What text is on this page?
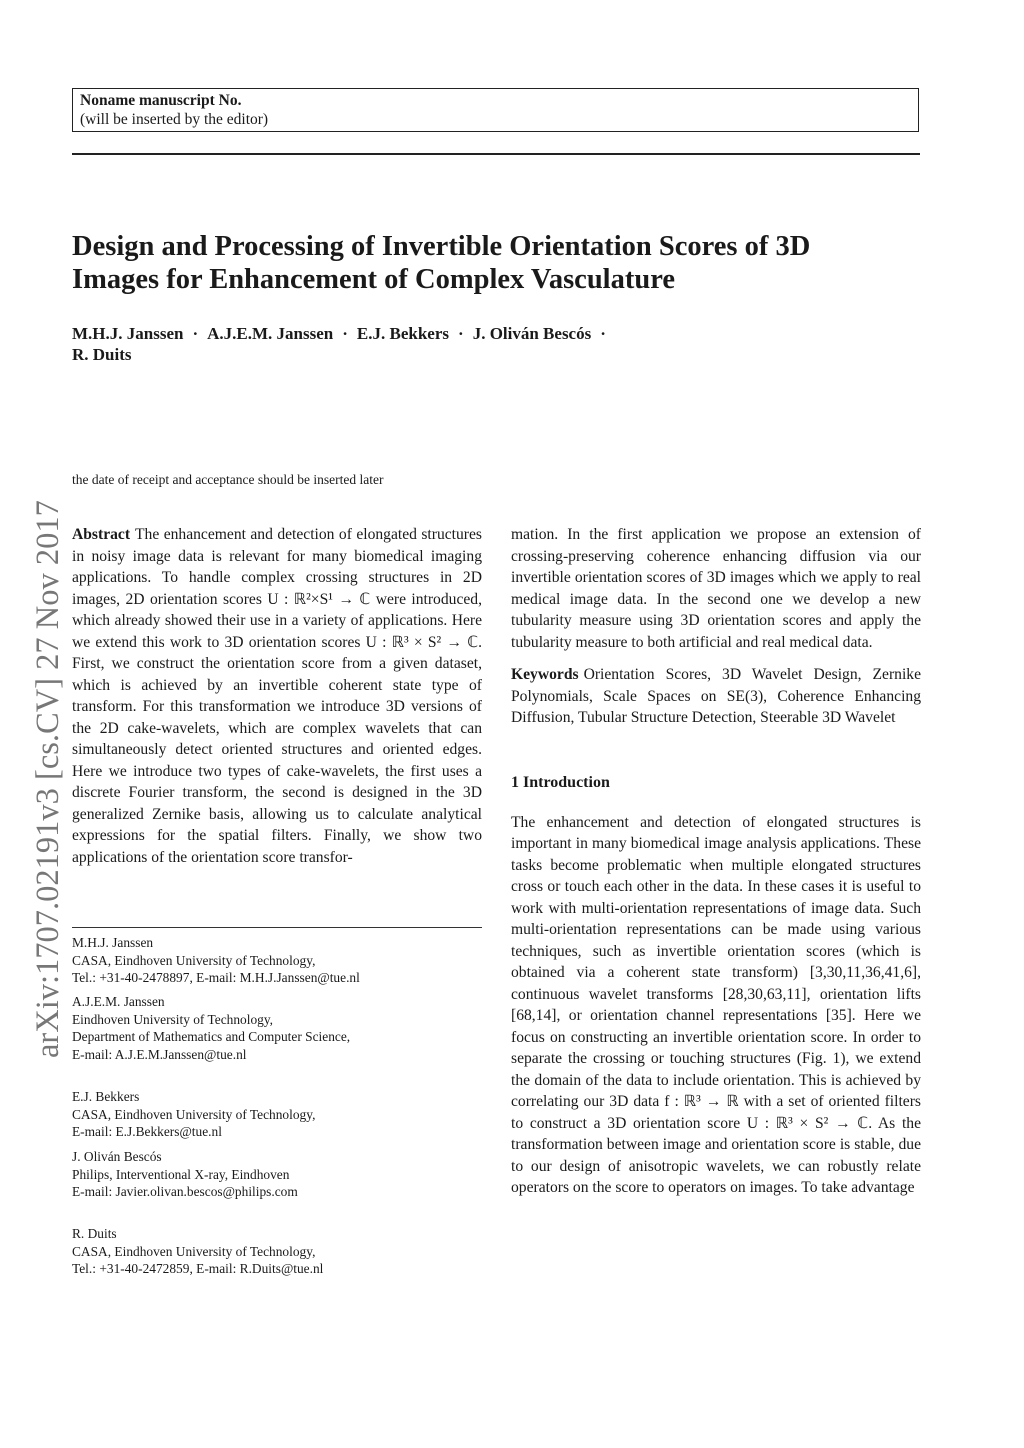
Noname manuscript No.
(will be inserted by the editor)
Design and Processing of Invertible Orientation Scores of 3D
Images for Enhancement of Complex Vasculature
M.H.J. Janssen · A.J.E.M. Janssen · E.J. Bekkers · J. Oliván Bescós ·
R. Duits
arXiv:1707.02191v3 [cs.CV] 27 Nov 2017
the date of receipt and acceptance should be inserted later

Abstract The enhancement and detection of elongated structures in noisy image data is relevant for many biomedical imaging applications. To handle complex crossing structures in 2D images, 2D orientation scores U : ℝ²×S¹ → ℂ were introduced, which already showed their use in a variety of applications. Here we extend this work to 3D orientation scores U : ℝ³ × S² → ℂ. First, we construct the orientation score from a given dataset, which is achieved by an invertible coherent state type of transform. For this transformation we introduce 3D versions of the 2D cake-wavelets, which are complex wavelets that can simultaneously detect oriented structures and oriented edges. Here we introduce two types of cake-wavelets, the first uses a discrete Fourier transform, the second is designed in the 3D generalized Zernike basis, allowing us to calculate analytical expressions for the spatial filters. Finally, we show two applications of the orientation score transfor-

mation. In the first application we propose an extension of crossing-preserving coherence enhancing diffusion via our invertible orientation scores of 3D images which we apply to real medical image data. In the second one we develop a new tubularity measure using 3D orientation scores and apply the tubularity measure to both artificial and real medical data.

Keywords Orientation Scores, 3D Wavelet Design, Zernike Polynomials, Scale Spaces on SE(3), Coherence Enhancing Diffusion, Tubular Structure Detection, Steerable 3D Wavelet

1 Introduction

The enhancement and detection of elongated structures is important in many biomedical image analysis applications. These tasks become problematic when multiple elongated structures cross or touch each other in the data. In these cases it is useful to work with multi-orientation representations of image data. Such multi-orientation representations can be made using various techniques, such as invertible orientation scores (which is obtained via a coherent state transform) [3,30,11,36,41,6], continuous wavelet transforms [28,30,63,11], orientation lifts [68,14], or orientation channel representations [35]. Here we focus on constructing an invertible orientation score. In order to separate the crossing or touching structures (Fig. 1), we extend the domain of the data to include orientation. This is achieved by correlating our 3D data f : ℝ³ → ℝ with a set of oriented filters to construct a 3D orientation score U : ℝ³ × S² → ℂ. As the transformation between image and orientation score is stable, due to our design of anisotropic wavelets, we can robustly relate operators on the score to operators on images. To take advantage

M.H.J. Janssen
CASA, Eindhoven University of Technology,
Tel.: +31-40-2478897, E-mail: M.H.J.Janssen@tue.nl
A.J.E.M. Janssen
Eindhoven University of Technology,
Department of Mathematics and Computer Science,
E-mail: A.J.E.M.Janssen@tue.nl
E.J. Bekkers
CASA, Eindhoven University of Technology,
E-mail: E.J.Bekkers@tue.nl
J. Oliván Bescós
Philips, Interventional X-ray, Eindhoven
E-mail: Javier.olivan.bescos@philips.com
R. Duits
CASA, Eindhoven University of Technology,
Tel.: +31-40-2472859, E-mail: R.Duits@tue.nl
